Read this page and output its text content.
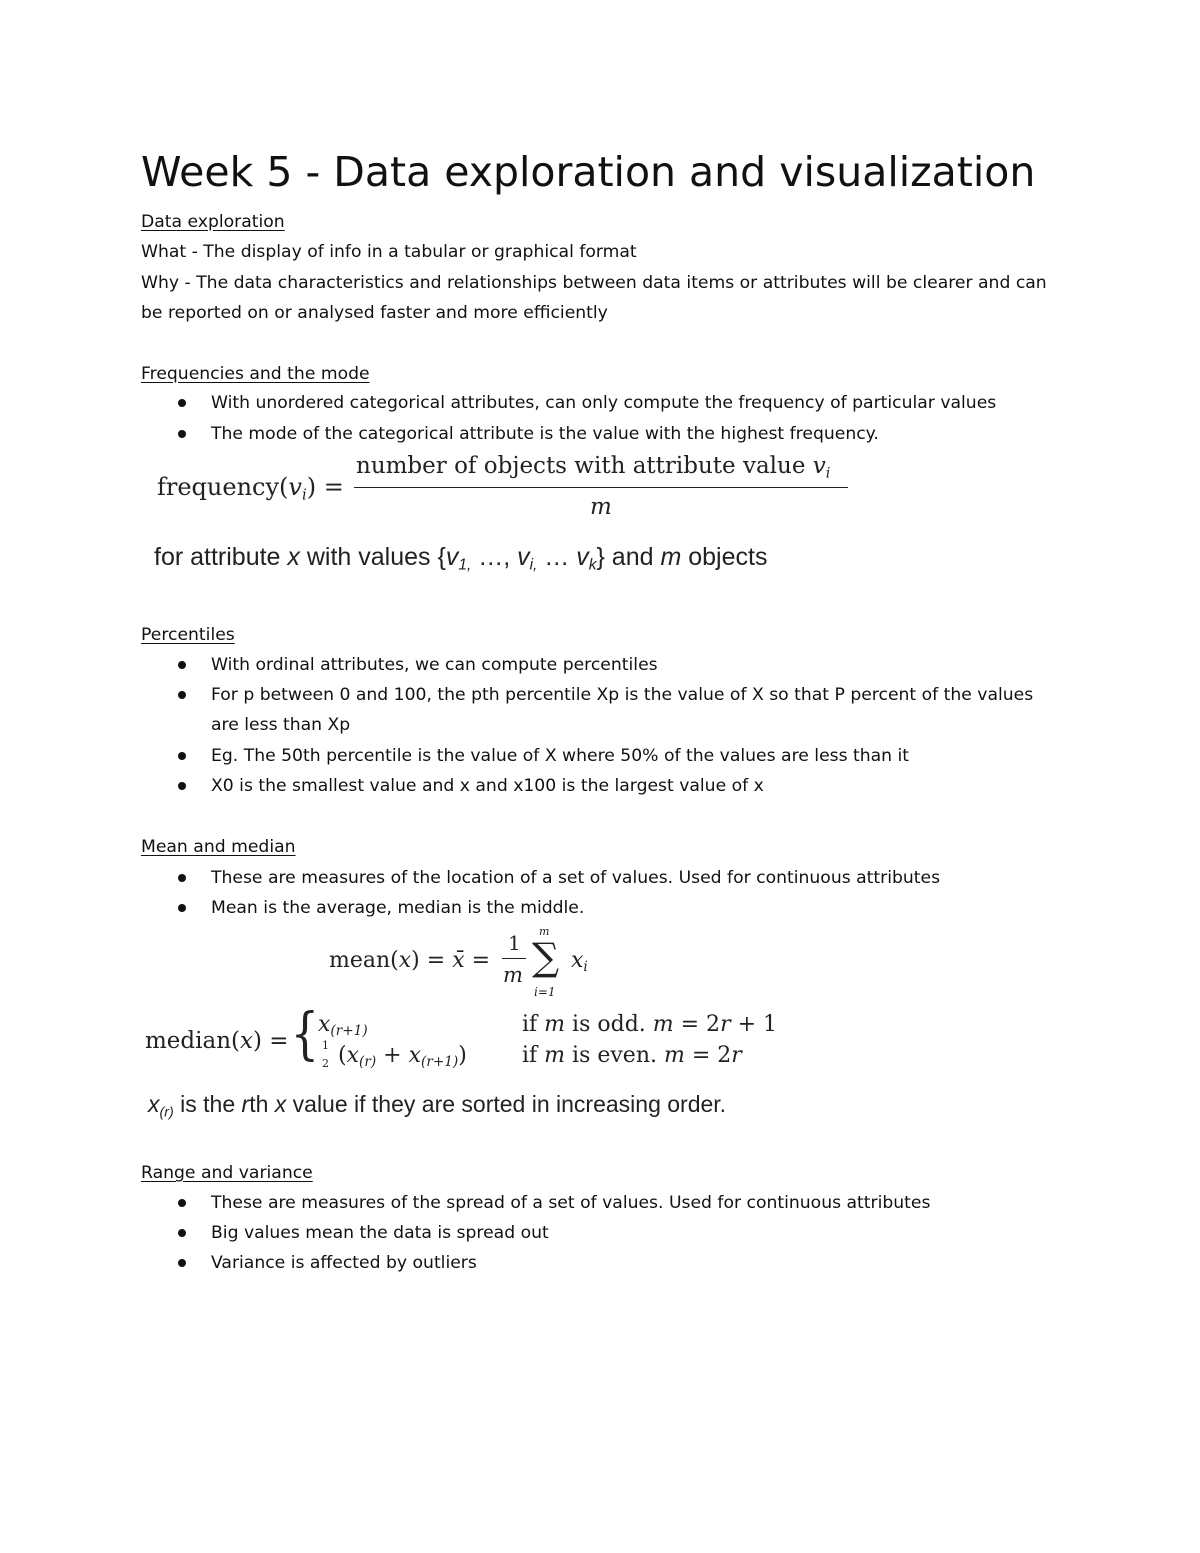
Week 5 - Data exploration and visualization

Data exploration

What - The display of info in a tabular or graphical format

Why - The data characteristics and relationships between data items or attributes will be clearer and can

be reported on or analysed faster and more efficiently

Frequencies and the mode

With unordered categorical attributes, can only compute the frequency of particular values

The mode of the categorical attribute is the value with the highest frequency.

$frequency(v_i)$ =
number of objects with attribute value $v_i$
m
for attribute x with values {$v_{1,}$ …, $v_{i,}$ … $v_k$} and m objects

Percentiles

With ordinal attributes, we can compute percentiles

For p between 0 and 100, the pth percentile Xp is the value of X so that P percent of the values

are less than Xp

Eg. The 50th percentile is the value of X where 50% of the values are less than it

X0 is the smallest value and x and x100 is the largest value of x

Mean and median

These are measures of the location of a set of values. Used for continuous attributes

Mean is the average, median is the middle.

mean(x) = x̄ =
1
m
m
∑
i=1
$x_i$
median(x) = {
$x_{(r+1)}$
1
2 $(x_{(r)} + x_{(r+1)})$
if m is odd. m = 2r + 1
if m is even. m = 2r
$x_{(r)}$ is the rth x value if they are sorted in increasing order.

Range and variance

These are measures of the spread of a set of values. Used for continuous attributes

Big values mean the data is spread out

Variance is affected by outliers
